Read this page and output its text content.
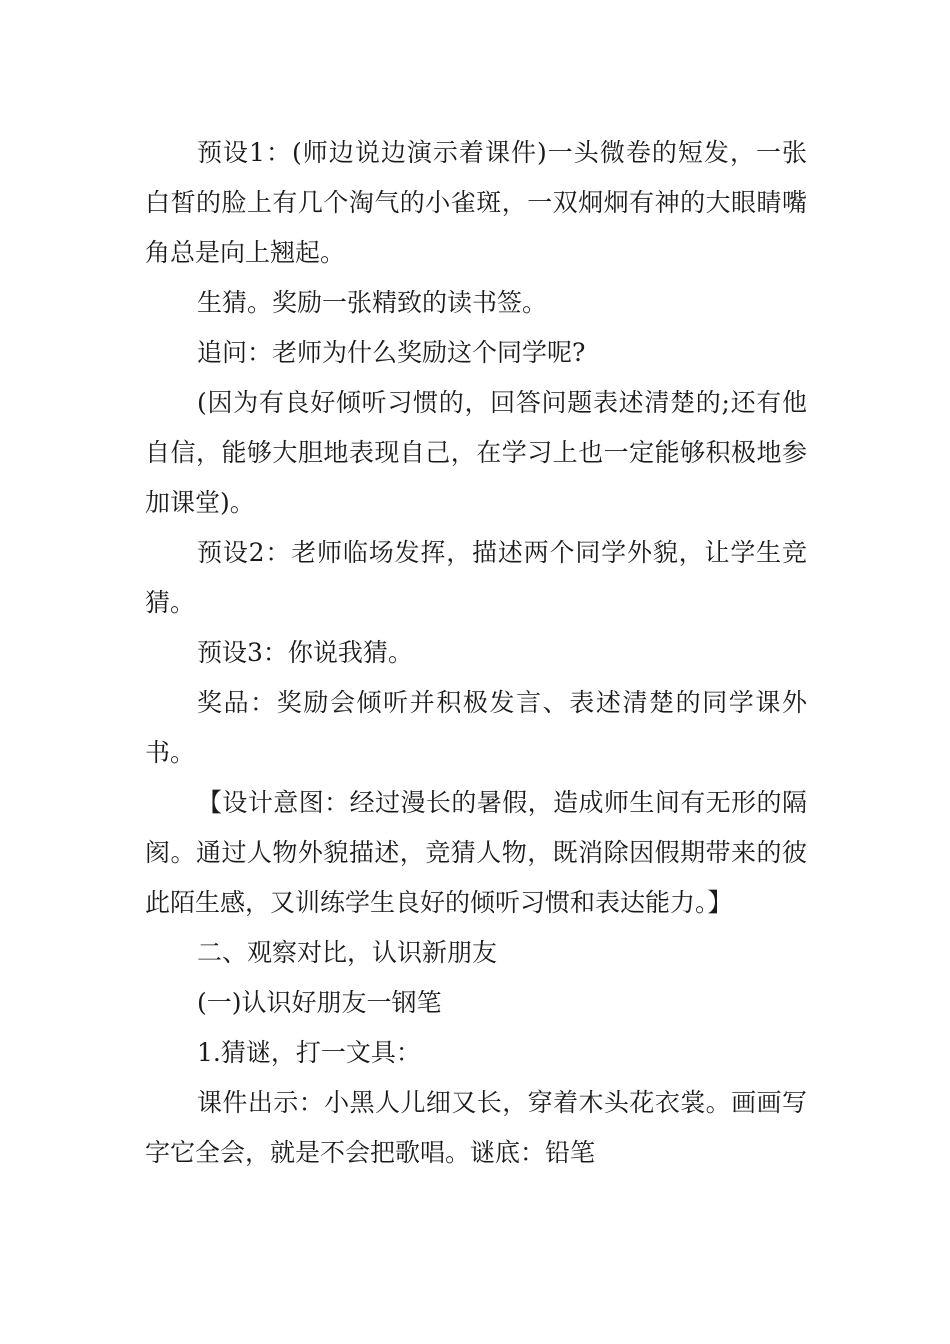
预设1：(师边说边演示着课件)一头微卷的短发，一张白皙的脸上有几个淘气的小雀斑，一双炯炯有神的大眼睛嘴角总是向上翘起。

生猜。奖励一张精致的读书签。

追问：老师为什么奖励这个同学呢?

(因为有良好倾听习惯的，回答问题表述清楚的;还有他自信，能够大胆地表现自己，在学习上也一定能够积极地参加课堂)。

预设2：老师临场发挥，描述两个同学外貌，让学生竞猜。

预设3：你说我猜。

奖品：奖励会倾听并积极发言、表述清楚的同学课外书。

【设计意图：经过漫长的暑假，造成师生间有无形的隔阂。通过人物外貌描述，竞猜人物，既消除因假期带来的彼此陌生感，又训练学生良好的倾听习惯和表达能力。】

二、观察对比，认识新朋友

(一)认识好朋友一钢笔

1.猜谜，打一文具：

课件出示：小黑人儿细又长，穿着木头花衣裳。画画写字它全会，就是不会把歌唱。谜底：铅笔
